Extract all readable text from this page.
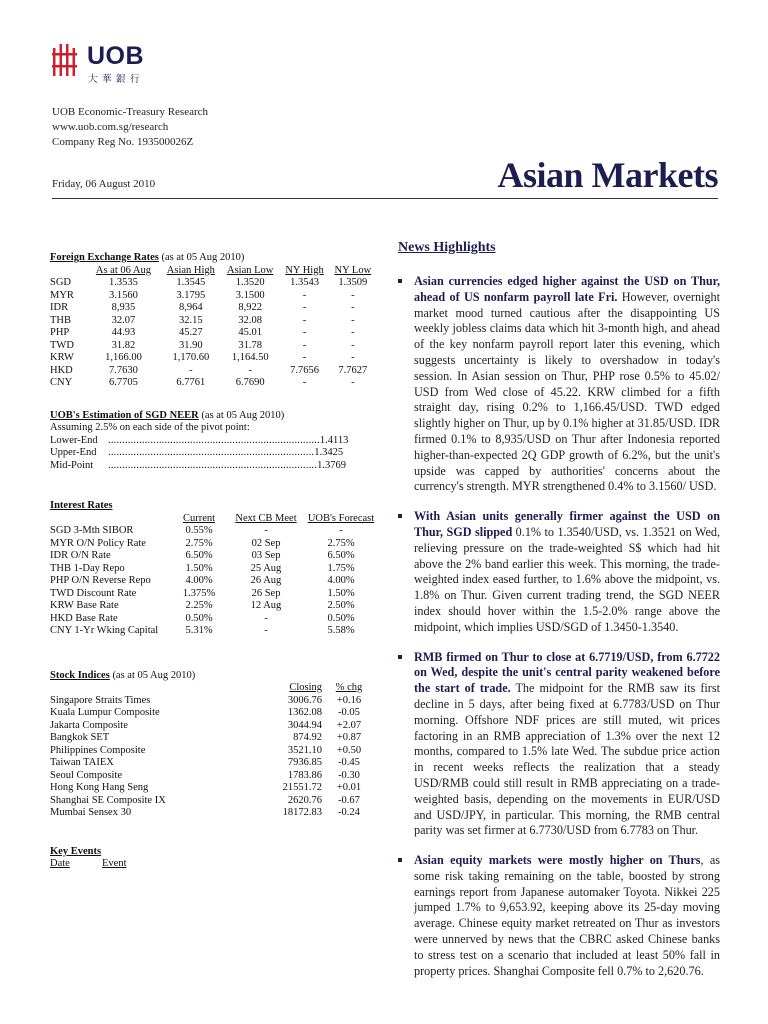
UOB
大華銀行
UOB Economic-Treasury Research
www.uob.com.sg/research
Company Reg No. 193500026Z
Friday, 06 August 2010	Asian Markets
Foreign Exchange Rates (as at 05 Aug 2010)
	As at 06 Aug	Asian High	Asian Low	NY High	NY Low
SGD	1.3535	1.3545	1.3520	1.3543	1.3509
MYR	3.1560	3.1795	3.1500	-	-
IDR	8,935	8,964	8,922	-	-
THB	32.07	32.15	32.08	-	-
PHP	44.93	45.27	45.01	-	-
TWD	31.82	31.90	31.78	-	-
KRW	1,166.00	1,170.60	1,164.50	-	-
HKD	7.7630	-	-	7.7656	7.7627
CNY	6.7705	6.7761	6.7690	-	-
UOB's Estimation of SGD NEER (as at 05 Aug 2010)
Assuming 2.5% on each side of the pivot point:
Lower-End ...........................................................................1.4113
Upper-End .........................................................................1.3425
Mid-Point ..........................................................................1.3769
Interest Rates
	Current	Next CB Meet	UOB's Forecast
SGD 3-Mth SIBOR	0.55%	-	-
MYR O/N Policy Rate	2.75%	02 Sep	2.75%
IDR O/N Rate	6.50%	03 Sep	6.50%
THB 1-Day Repo	1.50%	25 Aug	1.75%
PHP O/N Reverse Repo	4.00%	26 Aug	4.00%
TWD Discount Rate	1.375%	26 Sep	1.50%
KRW Base Rate	2.25%	12 Aug	2.50%
HKD Base Rate	0.50%	-	0.50%
CNY 1-Yr Wking Capital	5.31%	-	5.58%
Stock Indices (as at 05 Aug 2010)
	Closing	% chg
Singapore Straits Times	3006.76	+0.16
Kuala Lumpur Composite	1362.08	-0.05
Jakarta Composite	3044.94	+2.07
Bangkok SET	874.92	+0.87
Philippines Composite	3521.10	+0.50
Taiwan TAIEX	7936.85	-0.45
Seoul Composite	1783.86	-0.30
Hong Kong Hang Seng	21551.72	+0.01
Shanghai SE Composite IX	2620.76	-0.67
Mumbai Sensex 30	18172.83	-0.24
Key Events
Date	Event
News Highlights
Asian currencies edged higher against the USD on Thur, ahead of US nonfarm payroll late Fri. However, overnight market mood turned cautious after the disappointing US weekly jobless claims data which hit 3-month high, and ahead of the key nonfarm payroll report later this evening, which suggests uncertainty is likely to overshadow in today's session. In Asian session on Thur, PHP rose 0.5% to 45.02/ USD from Wed close of 45.22. KRW climbed for a fifth straight day, rising 0.2% to 1,166.45/USD. TWD edged slightly higher on Thur, up by 0.1% higher at 31.85/USD. IDR firmed 0.1% to 8,935/USD on Thur after Indonesia reported higher-than-expected 2Q GDP growth of 6.2%, but the unit's upside was capped by authorities' concerns about the currency's strength. MYR strengthened 0.4% to 3.1560/ USD.
With Asian units generally firmer against the USD on Thur, SGD slipped 0.1% to 1.3540/USD, vs. 1.3521 on Wed, relieving pressure on the trade-weighted S$ which had hit above the 2% band earlier this week. This morning, the trade-weighted index eased further, to 1.6% above the midpoint, vs. 1.8% on Thur. Given current trading trend, the SGD NEER index should hover within the 1.5-2.0% range above the midpoint, which implies USD/SGD of 1.3450-1.3540.
RMB firmed on Thur to close at 6.7719/USD, from 6.7722 on Wed, despite the unit's central parity weakened before the start of trade. The midpoint for the RMB saw its first decline in 5 days, after being fixed at 6.7783/USD on Thur morning. Offshore NDF prices are still muted, wit prices factoring in an RMB appreciation of 1.3% over the next 12 months, compared to 1.5% late Wed. The subdue price action in recent weeks reflects the realization that a steady USD/RMB could still result in RMB appreciating on a trade-weighted basis, depending on the movements in EUR/USD and USD/JPY, in particular. This morning, the RMB central parity was set firmer at 6.7730/USD from 6.7783 on Thur.
Asian equity markets were mostly higher on Thurs, as some risk taking remaining on the table, boosted by strong earnings report from Japanese automaker Toyota. Nikkei 225 jumped 1.7% to 9,653.92, keeping above its 25-day moving average. Chinese equity market retreated on Thur as investors were unnerved by news that the CBRC asked Chinese banks to stress test on a scenario that included at least 50% fall in property prices. Shanghai Composite fell 0.7% to 2,620.76.
